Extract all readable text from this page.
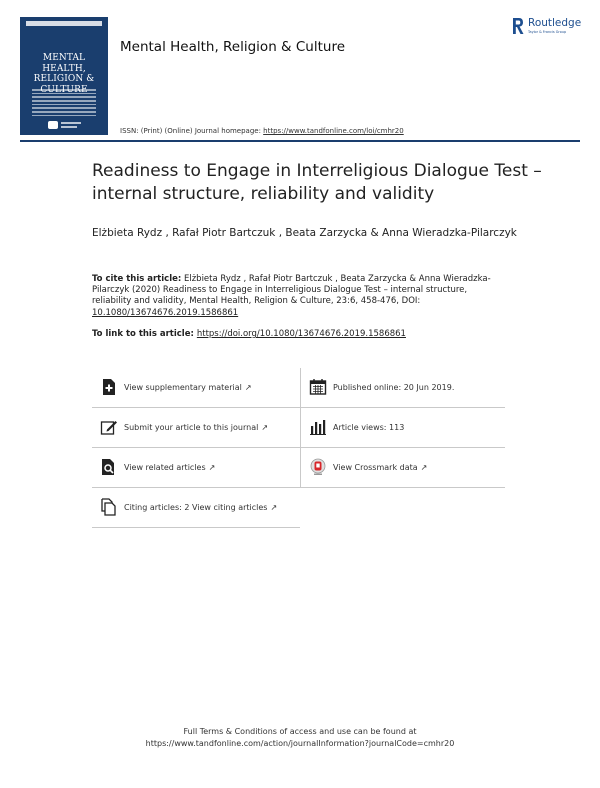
MENTAL HEALTH,
RELIGION &
Mental Health, Religion & Culture
ISSN: (Print) (Online) Journal homepage: https://www.tandfonline.com/loi/cmhr20
Routledge
Taylor & Francis Group
Readiness to Engage in Interreligious Dialogue Test – internal structure, reliability and validity
Elżbieta Rydz , Rafał Piotr Bartczuk , Beata Zarzycka & Anna Wieradzka-Pilarczyk
To cite this article: Elżbieta Rydz , Rafał Piotr Bartczuk , Beata Zarzycka & Anna Wieradzka-Pilarczyk (2020) Readiness to Engage in Interreligious Dialogue Test – internal structure, reliability and validity, Mental Health, Religion & Culture, 23:6, 458-476, DOI: 10.1080/13674676.2019.1586861
To link to this article: https://doi.org/10.1080/13674676.2019.1586861
View supplementary material ↗	Published online: 20 Jun 2019.
Submit your article to this journal ↗	Article views: 113
View related articles ↗	View Crossmark data ↗
Citing articles: 2 View citing articles ↗
Full Terms & Conditions of access and use can be found at
https://www.tandfonline.com/action/journalInformation?journalCode=cmhr20
